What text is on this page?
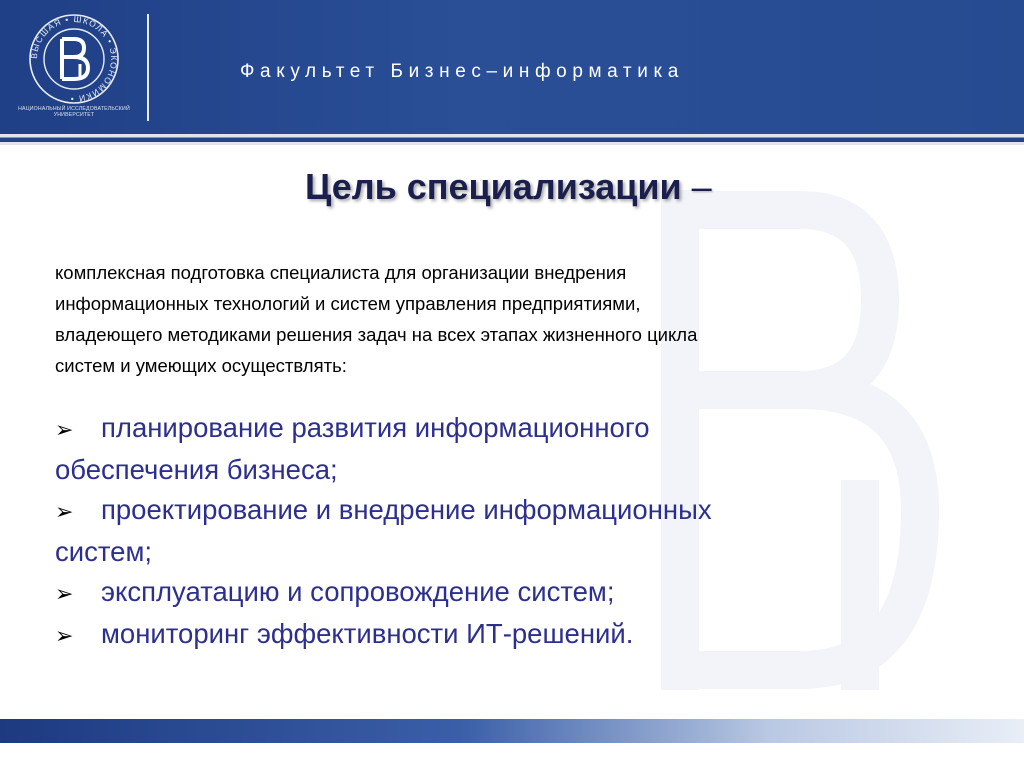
ВЫСШАЯ • ШКОЛА • ЭКОНОМИКИ •
НАЦИОНАЛЬНЫЙ ИССЛЕДОВАТЕЛЬСКИЙ
УНИВЕРСИТЕТ
Факультет Бизнес–информатика
Цель специализации –

комплексная подготовка специалиста для организации внедрения

информационных технологий и систем управления предприятиями,

владеющего методиками решения задач на всех этапах жизненного цикла

систем и умеющих осуществлять:

➢ планирование развития информационного
обеспечения бизнеса;
➢ проектирование и внедрение информационных
систем;
➢ эксплуатацию и сопровождение систем;
➢ мониторинг эффективности ИТ-решений.
